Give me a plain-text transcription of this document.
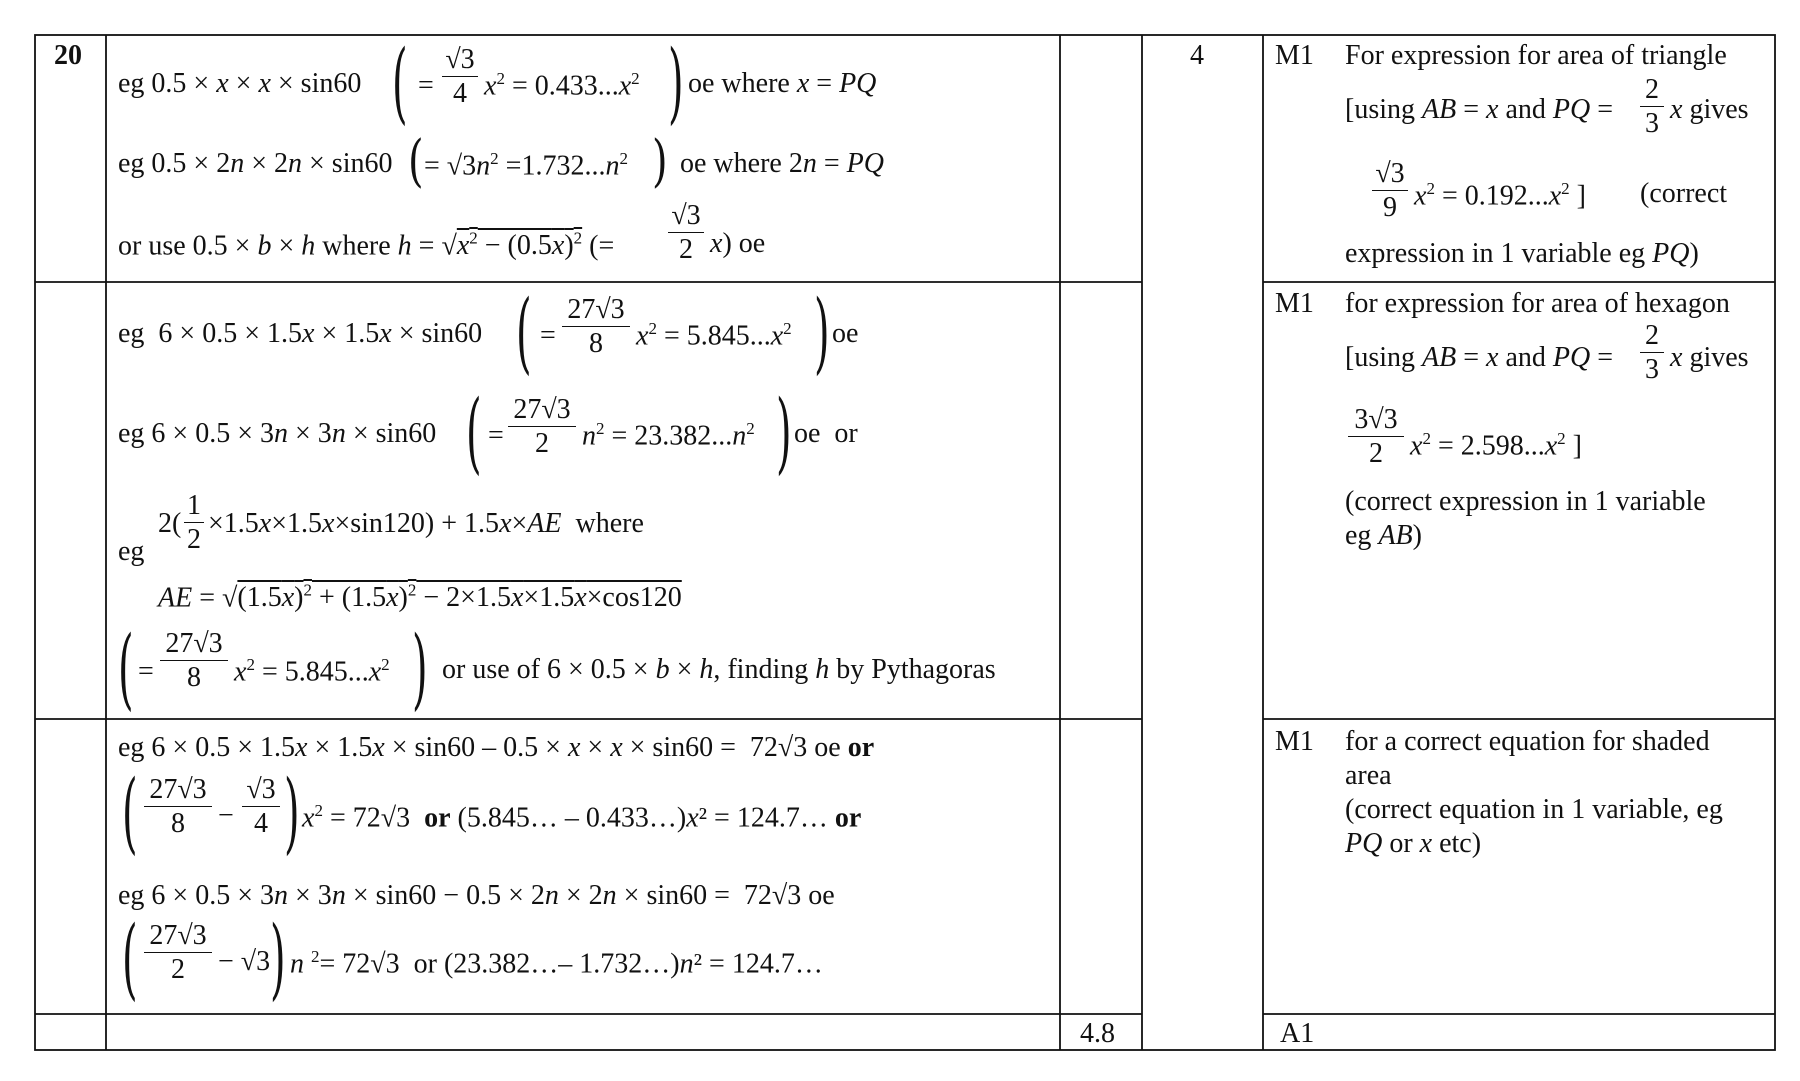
20	4
4.8
eg 0.5 × x × x × sin60 ( = $\frac{√3}{4} x^2 = 0.433...x^2$ ) oe where x = PQ
eg 0.5 × 2n × 2n × sin60 ( = $√3n^2 =1.732...n^2$ ) oe where 2n = PQ
or use 0.5 × b × h where $h = √x^2 - (0.5x)^2$ (= $\frac{√3}{2} x$) oe
M1 For expression for area of triangle
[using AB = x and PQ = $\frac{2}{3}$ x gives
$\frac{√3}{9} x^2 = 0.192...x^2$ ] (correct
expression in 1 variable eg PQ)
eg  6 × 0.5 × 1.5x × 1.5x × sin60 ( = $\frac{27√3}{8} x^2 = 5.845...x^2$ ) oe
eg 6 × 0.5 × 3n × 3n × sin60 ( = $\frac{27√3}{2} n^2 = 23.382...n^2$ ) oe  or
eg
$2( \frac{1}{2} \times 1.5x\times 1.5x\times\sin 120) + 1.5x\times AE$  where
AE = $√(1.5x)^2 + (1.5x)^2 - 2\times 1.5x\times 1.5x\times\cos 120$
( = $\frac{27√3}{8} x^2 = 5.845...x^2$ ) or use of 6 × 0.5 × b × h, finding h by Pythagoras
M1 for expression for area of hexagon
[using AB = x and PQ = $\frac{2}{3}$ x gives
$\frac{3√3}{2} x^2 = 2.598...x^2$ ]
(correct expression in 1 variable
eg AB)
eg 6 × 0.5 × 1.5x × 1.5x × sin60 – 0.5 × x × x × sin60 =  72√3 oe or
( $\frac{27√3}{8} - \frac{√3}{4}$ ) $x^2 = 72√3$  or (5.845… – 0.433…)x² = 124.7… or
eg 6 × 0.5 × 3n × 3n × sin60 − 0.5 × 2n × 2n × sin60 =  72√3 oe
( $\frac{27√3}{2} - √3$ ) n $^2$= 72√3  or (23.382…– 1.732…)n² = 124.7…
M1 for a correct equation for shaded
area
(correct equation in 1 variable, eg
PQ or x etc)
A1
